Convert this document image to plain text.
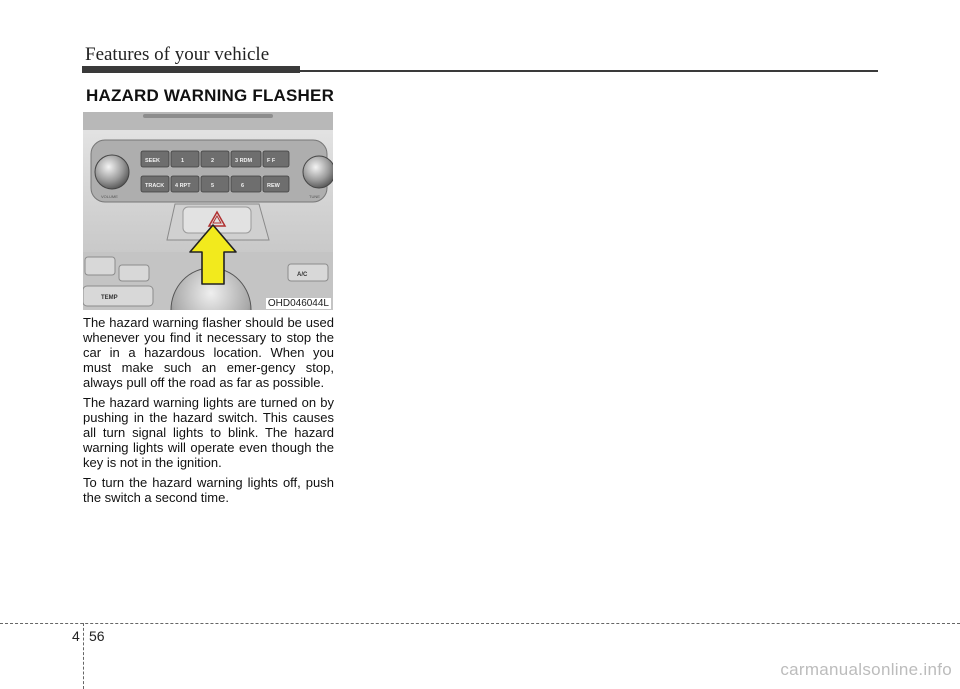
Features of your vehicle
HAZARD WARNING FLASHER
SEEK	1	2	3 RDM	F F
TRACK 4 RPT	5	6	REW
VOLUME	TUNE
A/C
TEMP	OHD046044L

The hazard warning flasher should be used whenever you find it necessary to stop the car in a hazardous location. When you must make such an emer-gency stop, always pull off the road as far as possible.

The hazard warning lights are turned on by pushing in the hazard switch. This causes all turn signal lights to blink. The hazard warning lights will operate even though the key is not in the ignition.

To turn the hazard warning lights off, push the switch a second time.

4 56
carmanualsonline.info
